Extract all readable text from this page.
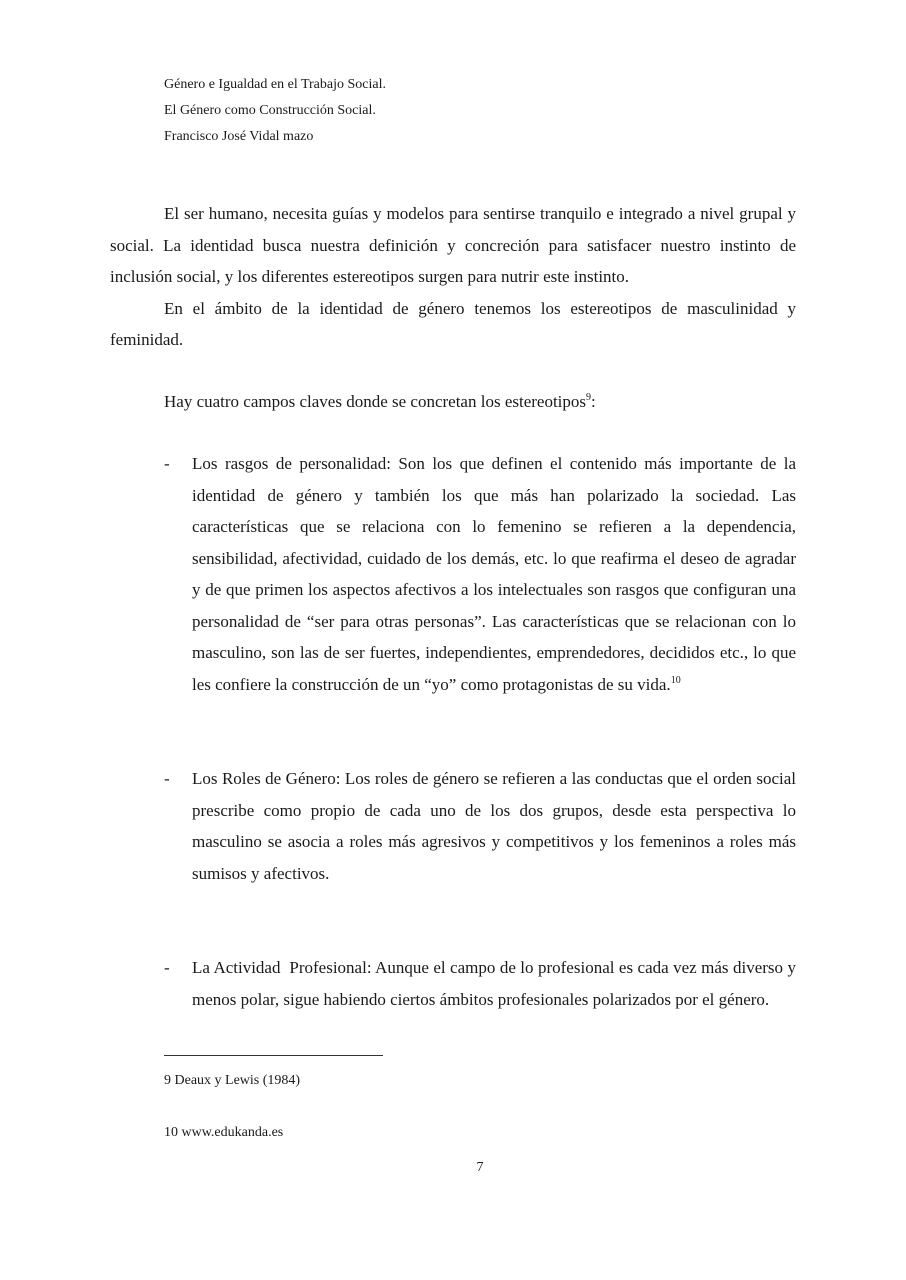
Género e Igualdad en el Trabajo Social.
El Género como Construcción Social.
Francisco José Vidal mazo

El ser humano, necesita guías y modelos para sentirse tranquilo e integrado a nivel grupal y social. La identidad busca nuestra definición y concreción para satisfacer nuestro instinto de inclusión social, y los diferentes estereotipos surgen para nutrir este instinto.

En el ámbito de la identidad de género tenemos los estereotipos de masculinidad y feminidad.

Hay cuatro campos claves donde se concretan los estereotipos$^9$:
- Los rasgos de personalidad: Son los que definen el contenido más importante de la identidad de género y también los que más han polarizado la sociedad. Las características que se relaciona con lo femenino se refieren a la dependencia, sensibilidad, afectividad, cuidado de los demás, etc. lo que reafirma el deseo de agradar y de que primen los aspectos afectivos a los intelectuales son rasgos que configuran una personalidad de “ser para otras personas”. Las características que se relacionan con lo masculino, son las de ser fuertes, independientes, emprendedores, decididos etc., lo que les confiere la construcción de un “yo” como protagonistas de su vida.$^{10}$
- Los Roles de Género: Los roles de género se refieren a las conductas que el orden social prescribe como propio de cada uno de los dos grupos, desde esta perspectiva lo masculino se asocia a roles más agresivos y competitivos y los femeninos a roles más sumisos y afectivos.
- La Actividad  Profesional: Aunque el campo de lo profesional es cada vez más diverso y menos polar, sigue habiendo ciertos ámbitos profesionales polarizados por el género.
9 Deaux y Lewis (1984)
10 www.edukanda.es
7
